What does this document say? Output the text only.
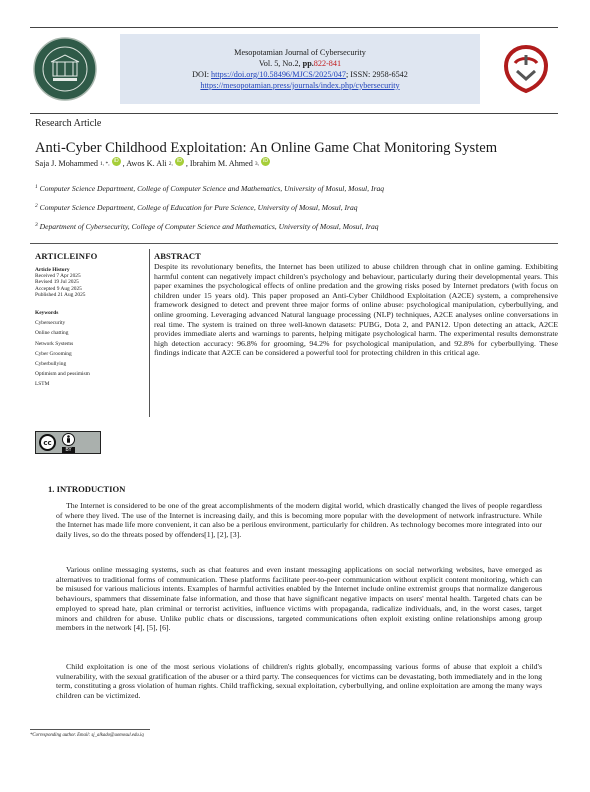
Mesopotamian Journal of Cybersecurity
Vol. 5, No.2, pp.822-841
DOI: https://doi.org/10.58496/MJCS/2025/047; ISSN: 2958-6542
https://mesopotamian.press/journals/index.php/cybersecurity
Research Article
Anti-Cyber Childhood Exploitation: An Online Game Chat Monitoring System
Saja J. Mohammed 1, *, iD , Awos K. Ali 2, iD , Ibrahim M. Ahmed 3, iD
$^1$ Computer Science Department, College of Computer Science and Mathematics, University of Mosul, Mosul, Iraq
$^2$ Computer Science Department, College of Education for Pure Science, University of Mosul, Mosul, Iraq
$^3$ Department of Cybersecurity, College of Computer Science and Mathematics, University of Mosul, Mosul, Iraq
ARTICLEINFO
Article History
Received 7 Apr 2025
Revised 19 Jul 2025
Accepted 9 Aug 2025
Published 21 Aug 2025
Keywords
Cybersecurity
Online chatting
Network Systems
Cyber Grooming
Cyberbullying
Optimism and pessimism
LSTM
ABSTRACT

Despite its revolutionary benefits, the Internet has been utilized to abuse children through chat in online gaming. Exhibiting harmful content can negatively impact children's psychology and behaviour, particularly during their developmental years. This paper examines the psychological effects of online predation and the growing risks posed by Internet predators (with focus on children under 15 years old). This paper proposed an Anti-Cyber Childhood Exploitation (A2CE) system, a comprehensive framework designed to detect and prevent three major forms of online abuse: psychological manipulation, cyberbullying, and online grooming. Leveraging advanced Natural language processing (NLP) techniques, A2CE analyses online conversations in real time. The system is trained on three well-known datasets: PUBG, Dota 2, and PAN12. Upon detecting an attack, A2CE provides immediate alerts and warnings to parents, helping mitigate psychological harm. The experimental results demonstrate high detection accuracy: 96.8% for grooming, 94.2% for psychological manipulation, and 92.8% for cyberbullying. These findings indicate that A2CE can be considered a powerful tool for protecting children in this critical age.

cc
BY
1. INTRODUCTION

The Internet is considered to be one of the great accomplishments of the modern digital world, which drastically changed the lives of people regardless of where they lived. The use of the Internet is increasing daily, and this is becoming more popular with the development of network infrastructure. While the Internet has made life more convenient, it can also be a perilous environment, particularly for children. As technology becomes more integrated into our daily lives, so do the threats posed by offenders[1], [2], [3].

Various online messaging systems, such as chat features and even instant messaging applications on social networking websites, have emerged as alternatives to traditional forms of communication. These platforms facilitate peer-to-peer communication without explicit content monitoring, which can be misused for various malicious intents. Examples of harmful activities enabled by the Internet include online extremist groups that normalize dangerous behaviours, spammers that disseminate false information, and those that have significant negative impacts on users' mental health. Targeted chats can be employed to spread hate, plan criminal or terrorist activities, influence victims with propaganda, radicalize individuals, and, in the worst cases, target minors and children for abuse. Unlike public chats or discussions, targeted communications often exploit existing online relationships among group members in the network [4], [5], [6].

Child exploitation is one of the most serious violations of children's rights globally, encompassing various forms of abuse that exploit a child's vulnerability, with the sexual gratification of the abuser or a third party. The consequences for victims can be devastating, both immediately and in the long term, constituting a gross violation of human rights. Child trafficking, sexual exploitation, cyberbullying, and online exploitation are among the many ways children can be victimized.

*Corresponding author. Email: sj_alkado@uomosul.edu.iq
